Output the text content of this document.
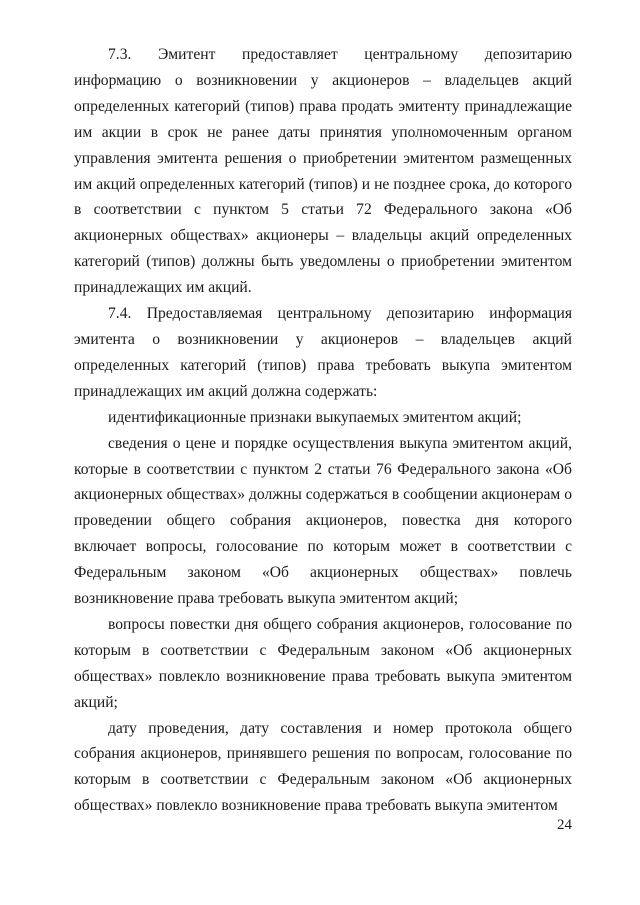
7.3. Эмитент предоставляет центральному депозитарию информацию о возникновении у акционеров – владельцев акций определенных категорий (типов) права продать эмитенту принадлежащие им акции в срок не ранее даты принятия уполномоченным органом управления эмитента решения о приобретении эмитентом размещенных им акций определенных категорий (типов) и не позднее срока, до которого в соответствии с пунктом 5 статьи 72 Федерального закона «Об акционерных обществах» акционеры – владельцы акций определенных категорий (типов) должны быть уведомлены о приобретении эмитентом принадлежащих им акций.

7.4. Предоставляемая центральному депозитарию информация эмитента о возникновении у акционеров – владельцев акций определенных категорий (типов) права требовать выкупа эмитентом принадлежащих им акций должна содержать:

идентификационные признаки выкупаемых эмитентом акций;

сведения о цене и порядке осуществления выкупа эмитентом акций, которые в соответствии с пунктом 2 статьи 76 Федерального закона «Об акционерных обществах» должны содержаться в сообщении акционерам о проведении общего собрания акционеров, повестка дня которого включает вопросы, голосование по которым может в соответствии с Федеральным законом «Об акционерных обществах» повлечь возникновение права требовать выкупа эмитентом акций;

вопросы повестки дня общего собрания акционеров, голосование по которым в соответствии с Федеральным законом «Об акционерных обществах» повлекло возникновение права требовать выкупа эмитентом акций;

дату проведения, дату составления и номер протокола общего собрания акционеров, принявшего решения по вопросам, голосование по которым в соответствии с Федеральным законом «Об акционерных обществах» повлекло возникновение права требовать выкупа эмитентом

24
